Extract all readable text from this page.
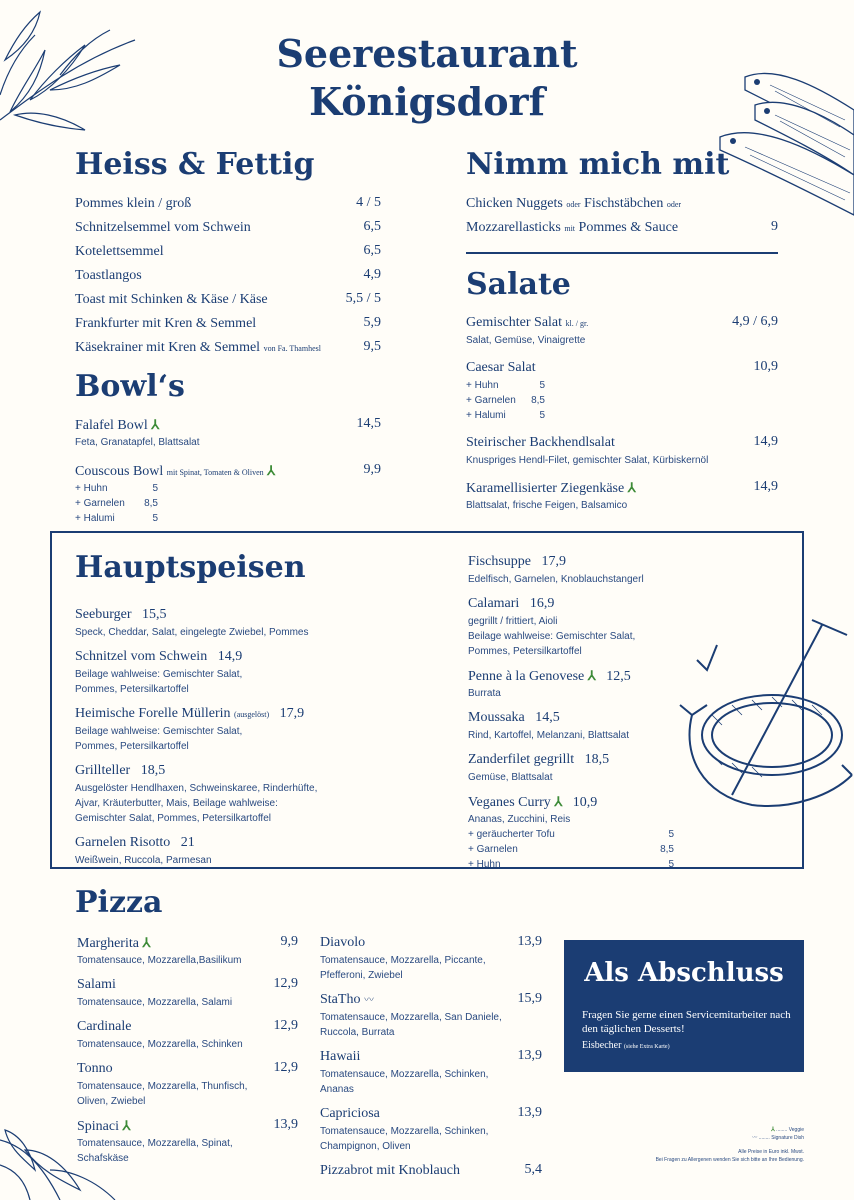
Seerestaurant
Königsdorf
Heiss & Fettig
Pommes klein / groß	4 / 5
Schnitzelsemmel vom Schwein	6,5
Kotelettsemmel	6,5
Toastlangos	4,9
Toast mit Schinken & Käse / Käse	5,5 / 5
Frankfurter mit Kren & Semmel	5,9
Käsekrainer mit Kren & Semmel von Fa. Thamhesl	9,5
Bowl‘s
Falafel Bowl ⅄	14,5
Feta, Granatapfel, Blattsalat
Couscous Bowl mit Spinat, Tomaten & Oliven ⅄	9,9
+ Huhn	5
+ Garnelen	8,5
+ Halumi	5
Nimm mich mit
Chicken Nuggets oder Fischstäbchen oder
Mozzarellasticks mit Pommes & Sauce	9
Salate
Gemischter Salat kl. / gr.	4,9 / 6,9
Salat, Gemüse, Vinaigrette
Caesar Salat	10,9
+ Huhn	5
+ Garnelen	8,5
+ Halumi	5
Steirischer Backhendlsalat	14,9
Knuspriges Hendl-Filet, gemischter Salat, Kürbiskernöl
Karamellisierter Ziegenkäse ⅄	14,9
Blattsalat, frische Feigen, Balsamico
Hauptspeisen
Seeburger 15,5
Speck, Cheddar, Salat, eingelegte Zwiebel, Pommes
Schnitzel vom Schwein 14,9
Beilage wahlweise: Gemischter Salat,
Pommes, Petersilkartoffel
Heimische Forelle Müllerin (ausgelöst) 17,9
Beilage wahlweise: Gemischter Salat,
Pommes, Petersilkartoffel
Grillteller 18,5
Ausgelöster Hendlhaxen, Schweinskaree, Rinderhüfte,
Ajvar, Kräuterbutter, Mais, Beilage wahlweise:
Gemischter Salat, Pommes, Petersilkartoffel
Garnelen Risotto 21
Weißwein, Ruccola, Parmesan
Fischsuppe 17,9
Edelfisch, Garnelen, Knoblauchstangerl
Calamari 16,9
gegrillt / frittiert, Aioli
Beilage wahlweise: Gemischter Salat,
Pommes, Petersilkartoffel
Penne à la Genovese ⅄ 12,5
Burrata
Moussaka 14,5
Rind, Kartoffel, Melanzani, Blattsalat
Zanderfilet gegrillt 18,5
Gemüse, Blattsalat
Veganes Curry ⅄ 10,9
Ananas, Zucchini, Reis
+ geräucherter Tofu	5
+ Garnelen	8,5
+ Huhn	5
Pizza
Margherita ⅄	9,9
Tomatensauce, Mozzarella,Basilikum
Salami	12,9
Tomatensauce, Mozzarella, Salami
Cardinale	12,9
Tomatensauce, Mozzarella, Schinken
Tonno	12,9
Tomatensauce, Mozzarella, Thunfisch,
Oliven, Zwiebel
Spinaci ⅄	13,9
Tomatensauce, Mozzarella, Spinat,
Schafskäse
Diavolo	13,9
Tomatensauce, Mozzarella, Piccante,
Pfefferoni, Zwiebel
StaTho 〰	15,9
Tomatensauce, Mozzarella, San Daniele,
Ruccola, Burrata
Hawaii	13,9
Tomatensauce, Mozzarella, Schinken,
Ananas
Capriciosa	13,9
Tomatensauce, Mozzarella, Schinken,
Champignon, Oliven
Pizzabrot mit Knoblauch	5,4
Als Abschluss
Fragen Sie gerne einen Servicemitarbeiter nach den täglichen Desserts!
Eisbecher (siehe Extra Karte)
⅄ ........ Veggie
〰 ........ Signature Dish
Alle Preise in Euro inkl. Mwst.
Bei Fragen zu Allergenen wenden Sie sich bitte an Ihre Bedienung.
